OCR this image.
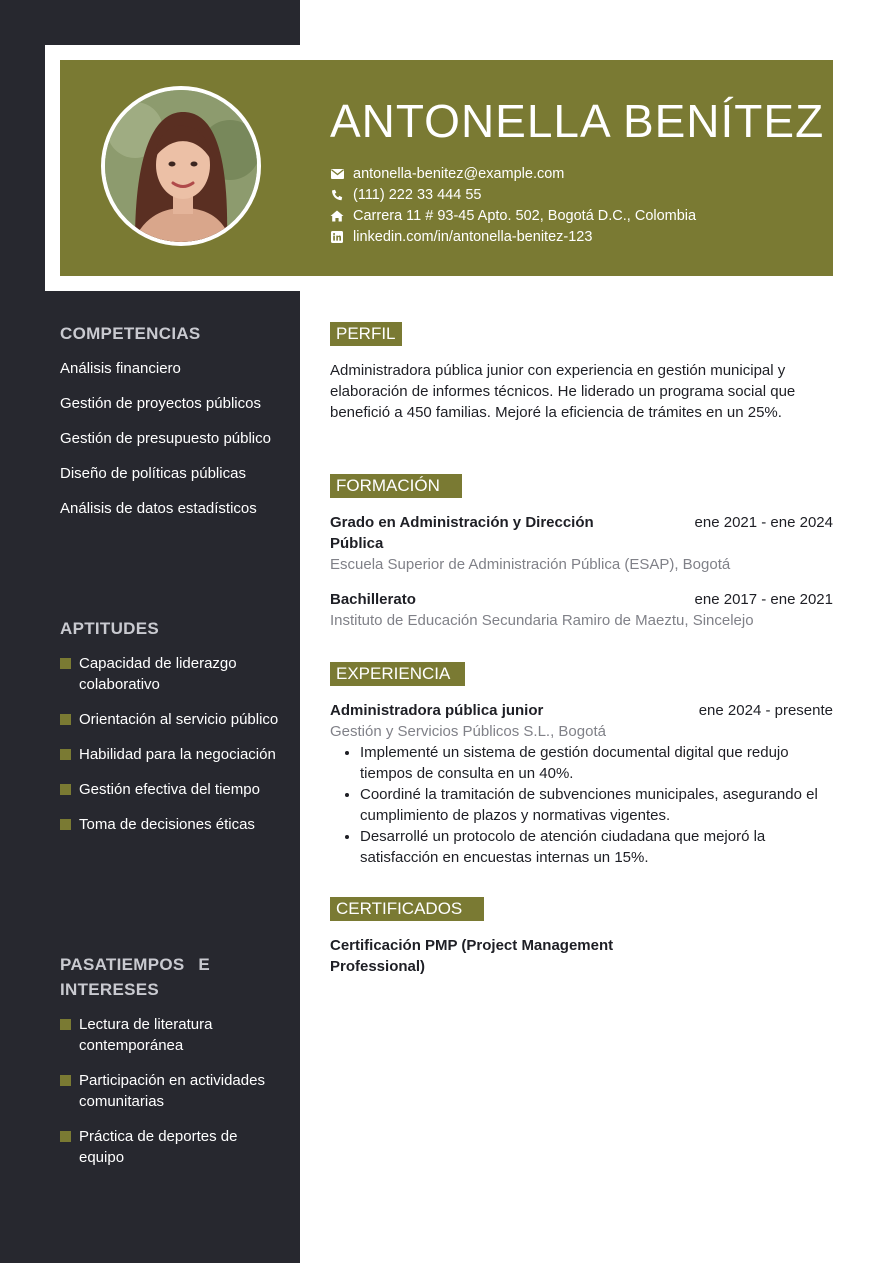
ANTONELLA BENÍTEZ
antonella-benitez@example.com
(111) 222 33 444 55
Carrera 11 # 93-45 Apto. 502, Bogotá D.C., Colombia
linkedin.com/in/antonella-benitez-123
COMPETENCIAS
Análisis financiero
Gestión de proyectos públicos
Gestión de presupuesto público
Diseño de políticas públicas
Análisis de datos estadísticos
APTITUDES
Capacidad de liderazgo colaborativo
Orientación al servicio público
Habilidad para la negociación
Gestión efectiva del tiempo
Toma de decisiones éticas
PASATIEMPOS E INTERESES
Lectura de literatura contemporánea
Participación en actividades comunitarias
Práctica de deportes de equipo
PERFIL

Administradora pública junior con experiencia en gestión municipal y elaboración de informes técnicos. He liderado un programa social que benefició a 450 familias. Mejoré la eficiencia de trámites en un 25%.

FORMACIÓN
Grado en Administración y Dirección Pública
ene 2021 - ene 2024
Escuela Superior de Administración Pública (ESAP), Bogotá
Bachillerato	ene 2017 - ene 2021
Instituto de Educación Secundaria Ramiro de Maeztu, Sincelejo
EXPERIENCIA
Administradora pública junior	ene 2024 - presente
Gestión y Servicios Públicos S.L., Bogotá
• Implementé un sistema de gestión documental digital que redujo tiempos de consulta en un 40%.
• Coordiné la tramitación de subvenciones municipales, asegurando el cumplimiento de plazos y normativas vigentes.
• Desarrollé un protocolo de atención ciudadana que mejoró la satisfacción en encuestas internas un 15%.
CERTIFICADOS
Certificación PMP (Project Management Professional)
